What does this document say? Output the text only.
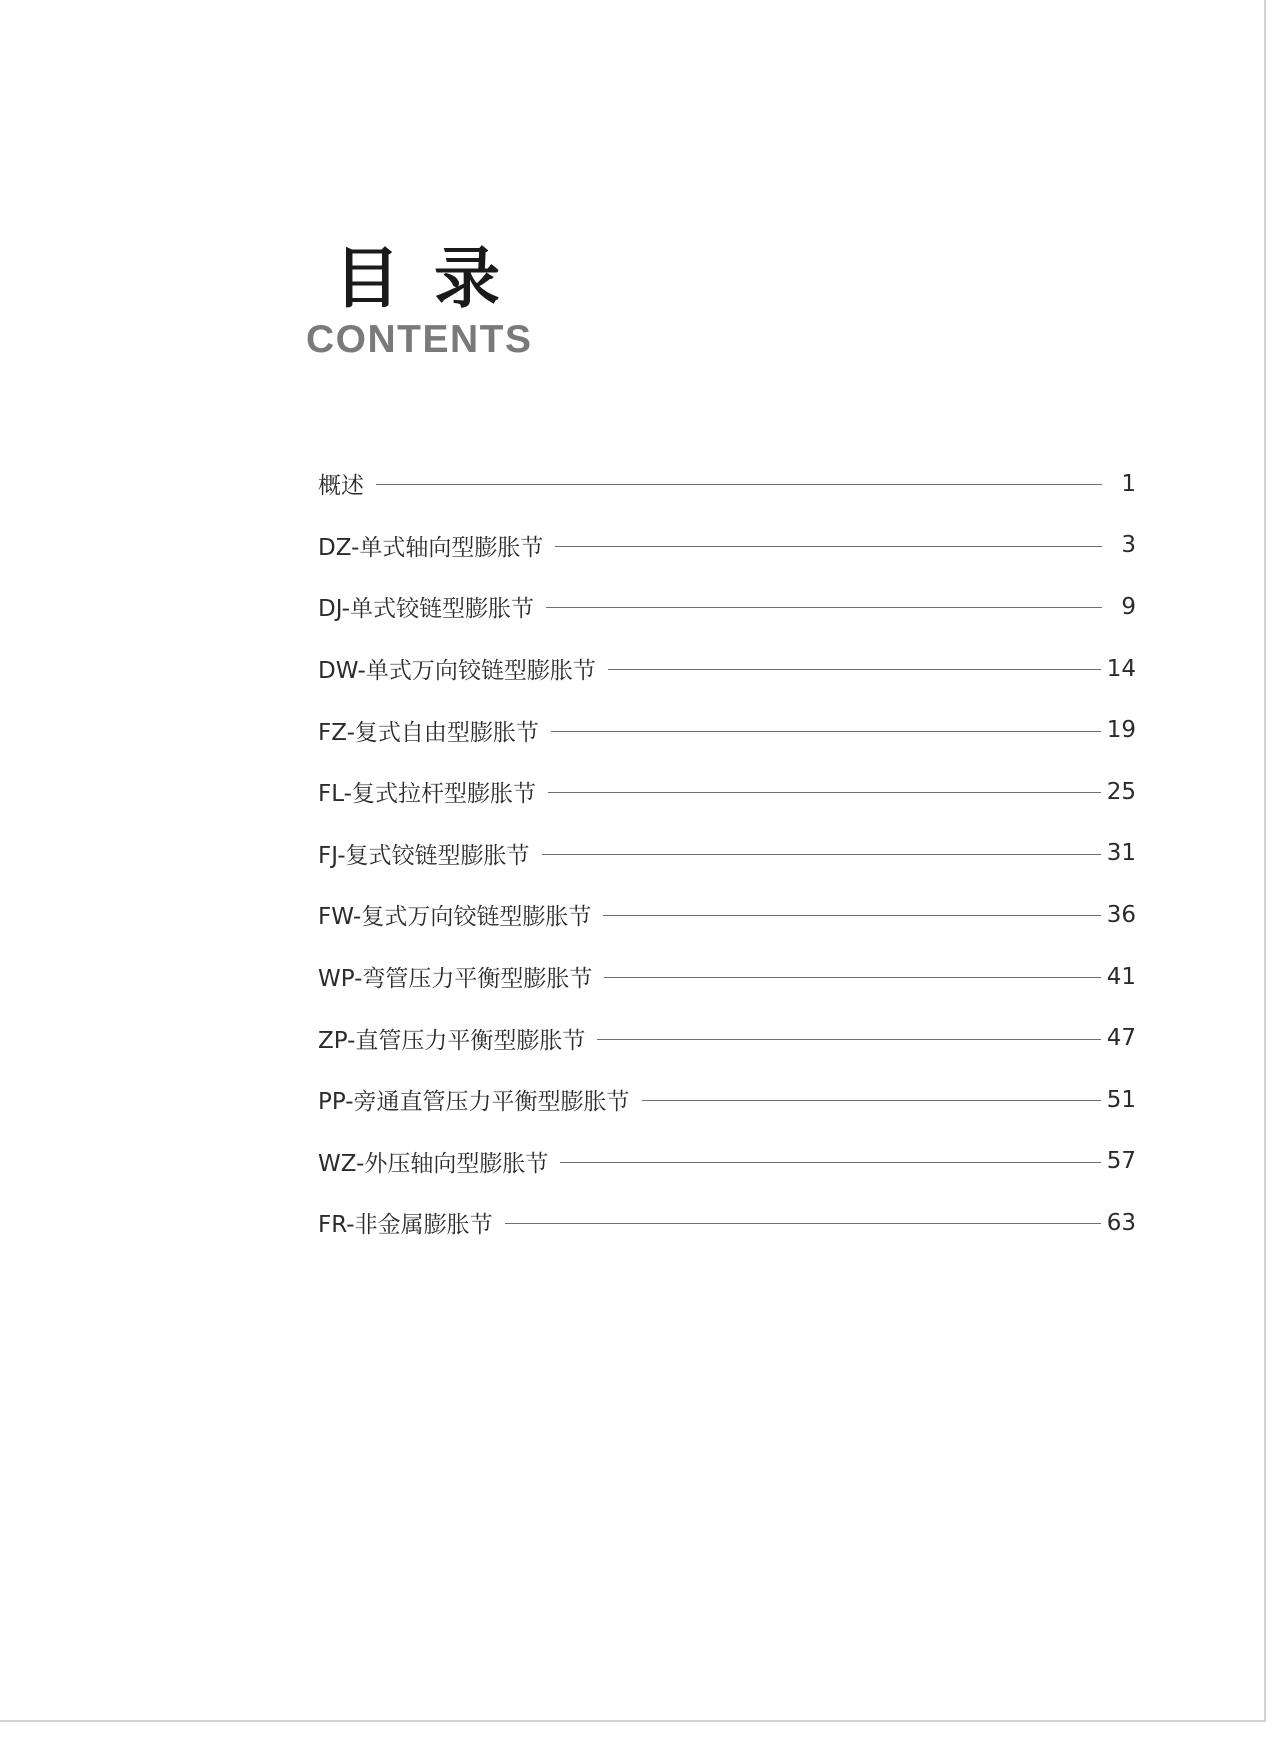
目录
CONTENTS
概述	1
DZ-单式轴向型膨胀节	3
DJ-单式铰链型膨胀节	9
DW-单式万向铰链型膨胀节	14
FZ-复式自由型膨胀节	19
FL-复式拉杆型膨胀节	25
FJ-复式铰链型膨胀节	31
FW-复式万向铰链型膨胀节	36
WP-弯管压力平衡型膨胀节	41
ZP-直管压力平衡型膨胀节	47
PP-旁通直管压力平衡型膨胀节	51
WZ-外压轴向型膨胀节	57
FR-非金属膨胀节	63
